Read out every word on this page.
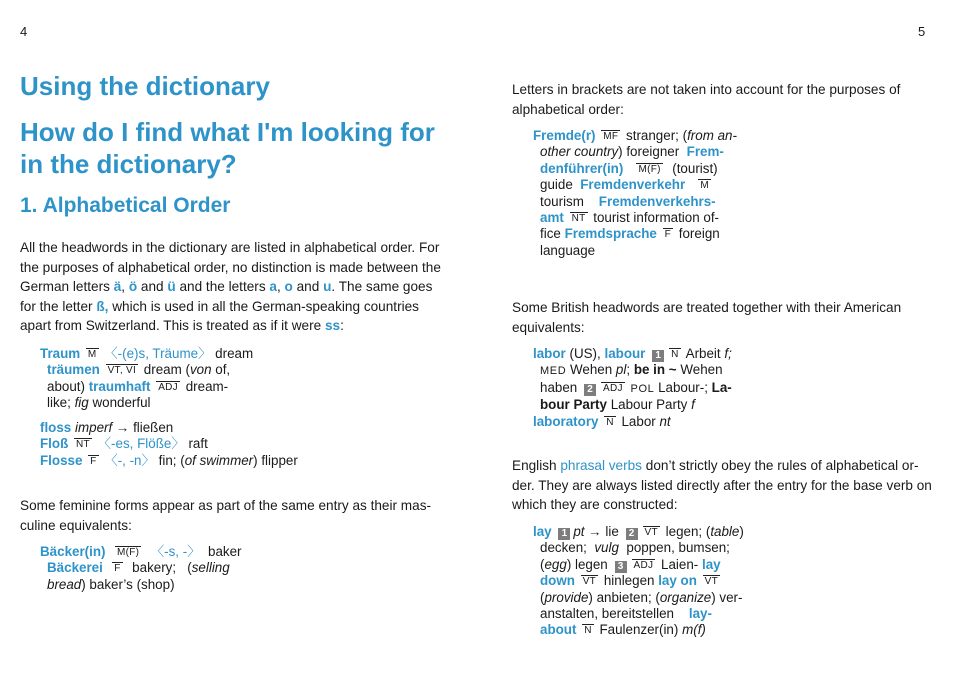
4
Using the dictionary
How do I find what I'm looking for
in the dictionary?
1. Alphabetical Order
All the headwords in the dictionary are listed in alphabetical order. For
the purposes of alphabetical order, no distinction is made between the
German letters ä, ö and ü and the letters a, o and u. The same goes
for the letter ß, which is used in all the German-speaking countries
apart from Switzerland. This is treated as if it were ss:
Traum M 〈-(e)s, Träume〉 dream
träumen VT, VI dream (von of,
about) traumhaft ADJ dream-
like; fig wonderful
floss imperf → fließen
Floß NT 〈-es, Flöße〉 raft
Flosse F 〈-, -n〉 fin; (of swimmer) flipper
Some feminine forms appear as part of the same entry as their mas-
culine equivalents:
Bäcker(in) M(F) 〈-s, -〉 baker
Bäckerei F bakery; (selling
bread) baker’s (shop)
5
Letters in brackets are not taken into account for the purposes of
alphabetical order:
Fremde(r) MF stranger; (from an-
other country) foreigner Frem-
denführer(in) M(F) (tourist)
guide Fremdenverkehr M
tourism Fremdenverkehrs-
amt NT tourist information of-
fice Fremdsprache F foreign
language
Some British headwords are treated together with their American
equivalents:
labor (US), labour 1 N Arbeit f;
MED Wehen pl; be in ~ Wehen
haben 2 ADJ POL Labour-; La-
bour Party Labour Party f
laboratory N Labor nt
English phrasal verbs don’t strictly obey the rules of alphabetical or-
der. They are always listed directly after the entry for the base verb on
which they are constructed:
lay 1 pt → lie 2 VT legen; (table)
decken; vulg poppen, bumsen;
(egg) legen 3 ADJ Laien- lay
down VT hinlegen lay on VT
(provide) anbieten; (organize) ver-
anstalten, bereitstellen lay-
about N Faulenzer(in) m(f)
